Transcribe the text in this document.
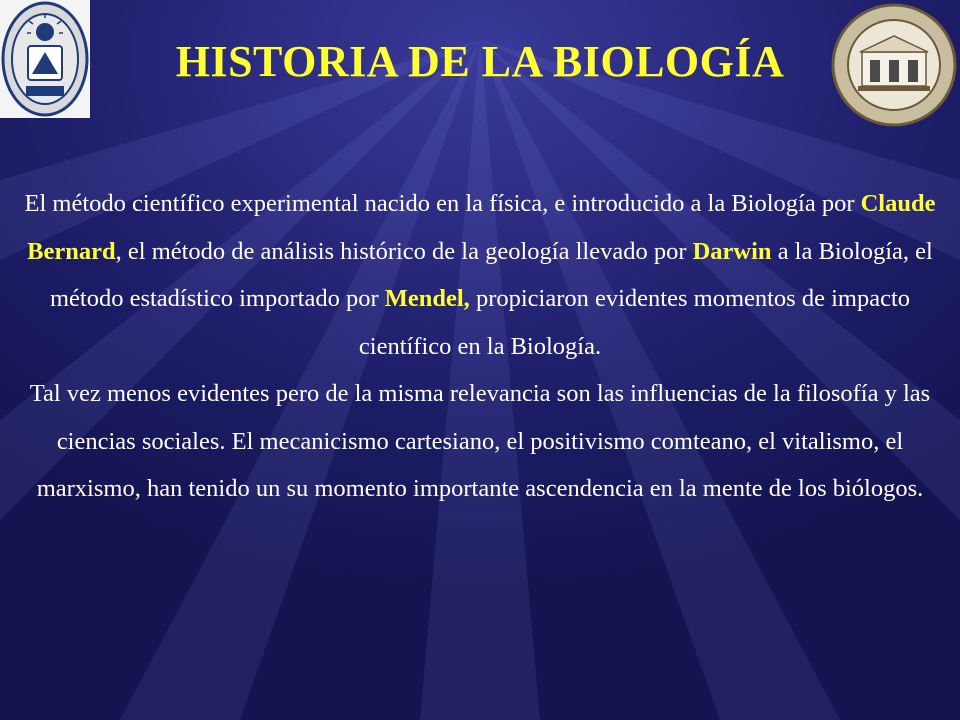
HISTORIA DE LA BIOLOGÍA

El método científico experimental nacido en la física, e introducido a la Biología por Claude Bernard, el método de análisis histórico de la geología llevado por Darwin a la Biología, el método estadístico importado por Mendel, propiciaron evidentes momentos de impacto científico en la Biología.

Tal vez menos evidentes pero de la misma relevancia son las influencias de la filosofía y las ciencias sociales. El mecanicismo cartesiano, el positivismo comteano, el vitalismo, el marxismo, han tenido un su momento importante ascendencia en la mente de los biólogos.
